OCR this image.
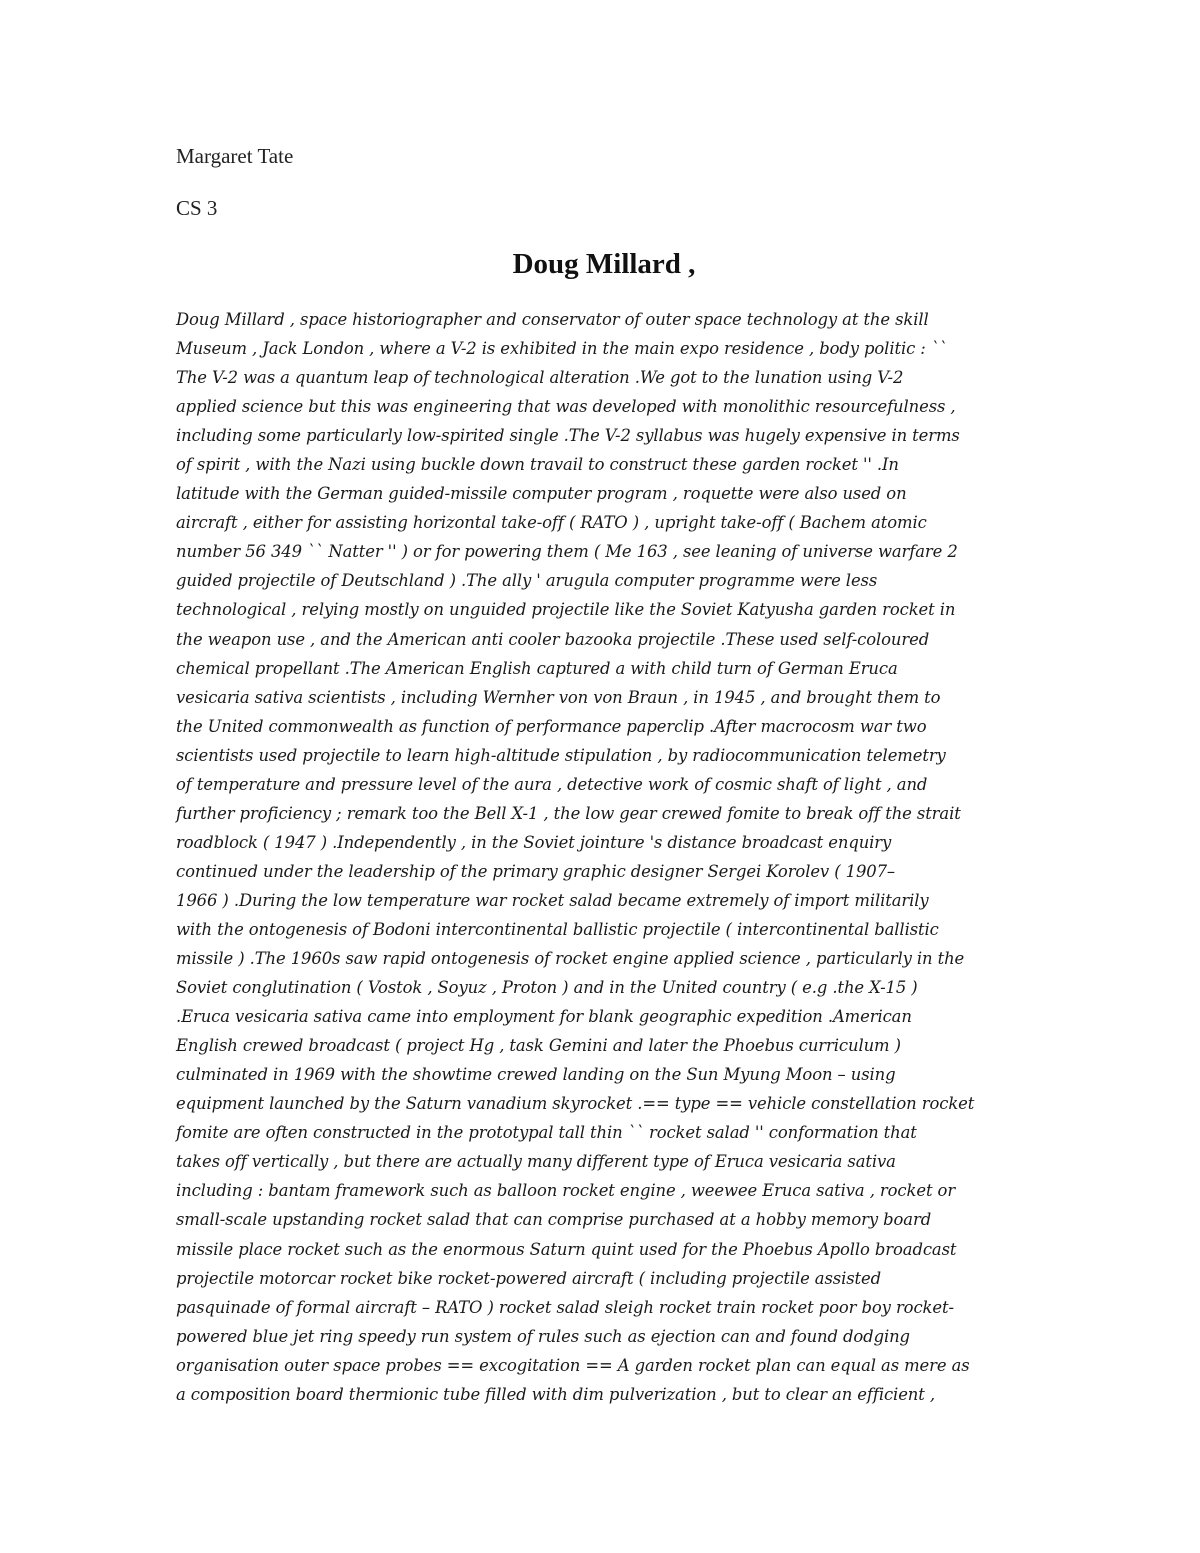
Margaret Tate
CS 3
Doug Millard ,
Doug Millard , space historiographer and conservator of outer space technology at the skill
Museum , Jack London , where a V-2 is exhibited in the main expo residence , body politic : ``
The V-2 was a quantum leap of technological alteration .We got to the lunation using V-2
applied science but this was engineering that was developed with monolithic resourcefulness ,
including some particularly low-spirited single .The V-2 syllabus was hugely expensive in terms
of spirit , with the Nazi using buckle down travail to construct these garden rocket '' .In
latitude with the German guided-missile computer program , roquette were also used on
aircraft , either for assisting horizontal take-off ( RATO ) , upright take-off ( Bachem atomic
number 56 349 `` Natter '' ) or for powering them ( Me 163 , see leaning of universe warfare 2
guided projectile of Deutschland ) .The ally ' arugula computer programme were less
technological , relying mostly on unguided projectile like the Soviet Katyusha garden rocket in
the weapon use , and the American anti cooler bazooka projectile .These used self-coloured
chemical propellant .The American English captured a with child turn of German Eruca
vesicaria sativa scientists , including Wernher von von Braun , in 1945 , and brought them to
the United commonwealth as function of performance paperclip .After macrocosm war two
scientists used projectile to learn high-altitude stipulation , by radiocommunication telemetry
of temperature and pressure level of the aura , detective work of cosmic shaft of light , and
further proficiency ; remark too the Bell X-1 , the low gear crewed fomite to break off the strait
roadblock ( 1947 ) .Independently , in the Soviet jointure 's distance broadcast enquiry
continued under the leadership of the primary graphic designer Sergei Korolev ( 1907–
1966 ) .During the low temperature war rocket salad became extremely of import militarily
with the ontogenesis of Bodoni intercontinental ballistic projectile ( intercontinental ballistic
missile ) .The 1960s saw rapid ontogenesis of rocket engine applied science , particularly in the
Soviet conglutination ( Vostok , Soyuz , Proton ) and in the United country ( e.g .the X-15 )
.Eruca vesicaria sativa came into employment for blank geographic expedition .American
English crewed broadcast ( project Hg , task Gemini and later the Phoebus curriculum )
culminated in 1969 with the showtime crewed landing on the Sun Myung Moon – using
equipment launched by the Saturn vanadium skyrocket .== type == vehicle constellation rocket
fomite are often constructed in the prototypal tall thin `` rocket salad '' conformation that
takes off vertically , but there are actually many different type of Eruca vesicaria sativa
including : bantam framework such as balloon rocket engine , weewee Eruca sativa , rocket or
small-scale upstanding rocket salad that can comprise purchased at a hobby memory board
missile place rocket such as the enormous Saturn quint used for the Phoebus Apollo broadcast
projectile motorcar rocket bike rocket-powered aircraft ( including projectile assisted
pasquinade of formal aircraft – RATO ) rocket salad sleigh rocket train rocket poor boy rocket-
powered blue jet ring speedy run system of rules such as ejection can and found dodging
organisation outer space probes == excogitation == A garden rocket plan can equal as mere as
a composition board thermionic tube filled with dim pulverization , but to clear an efficient ,
